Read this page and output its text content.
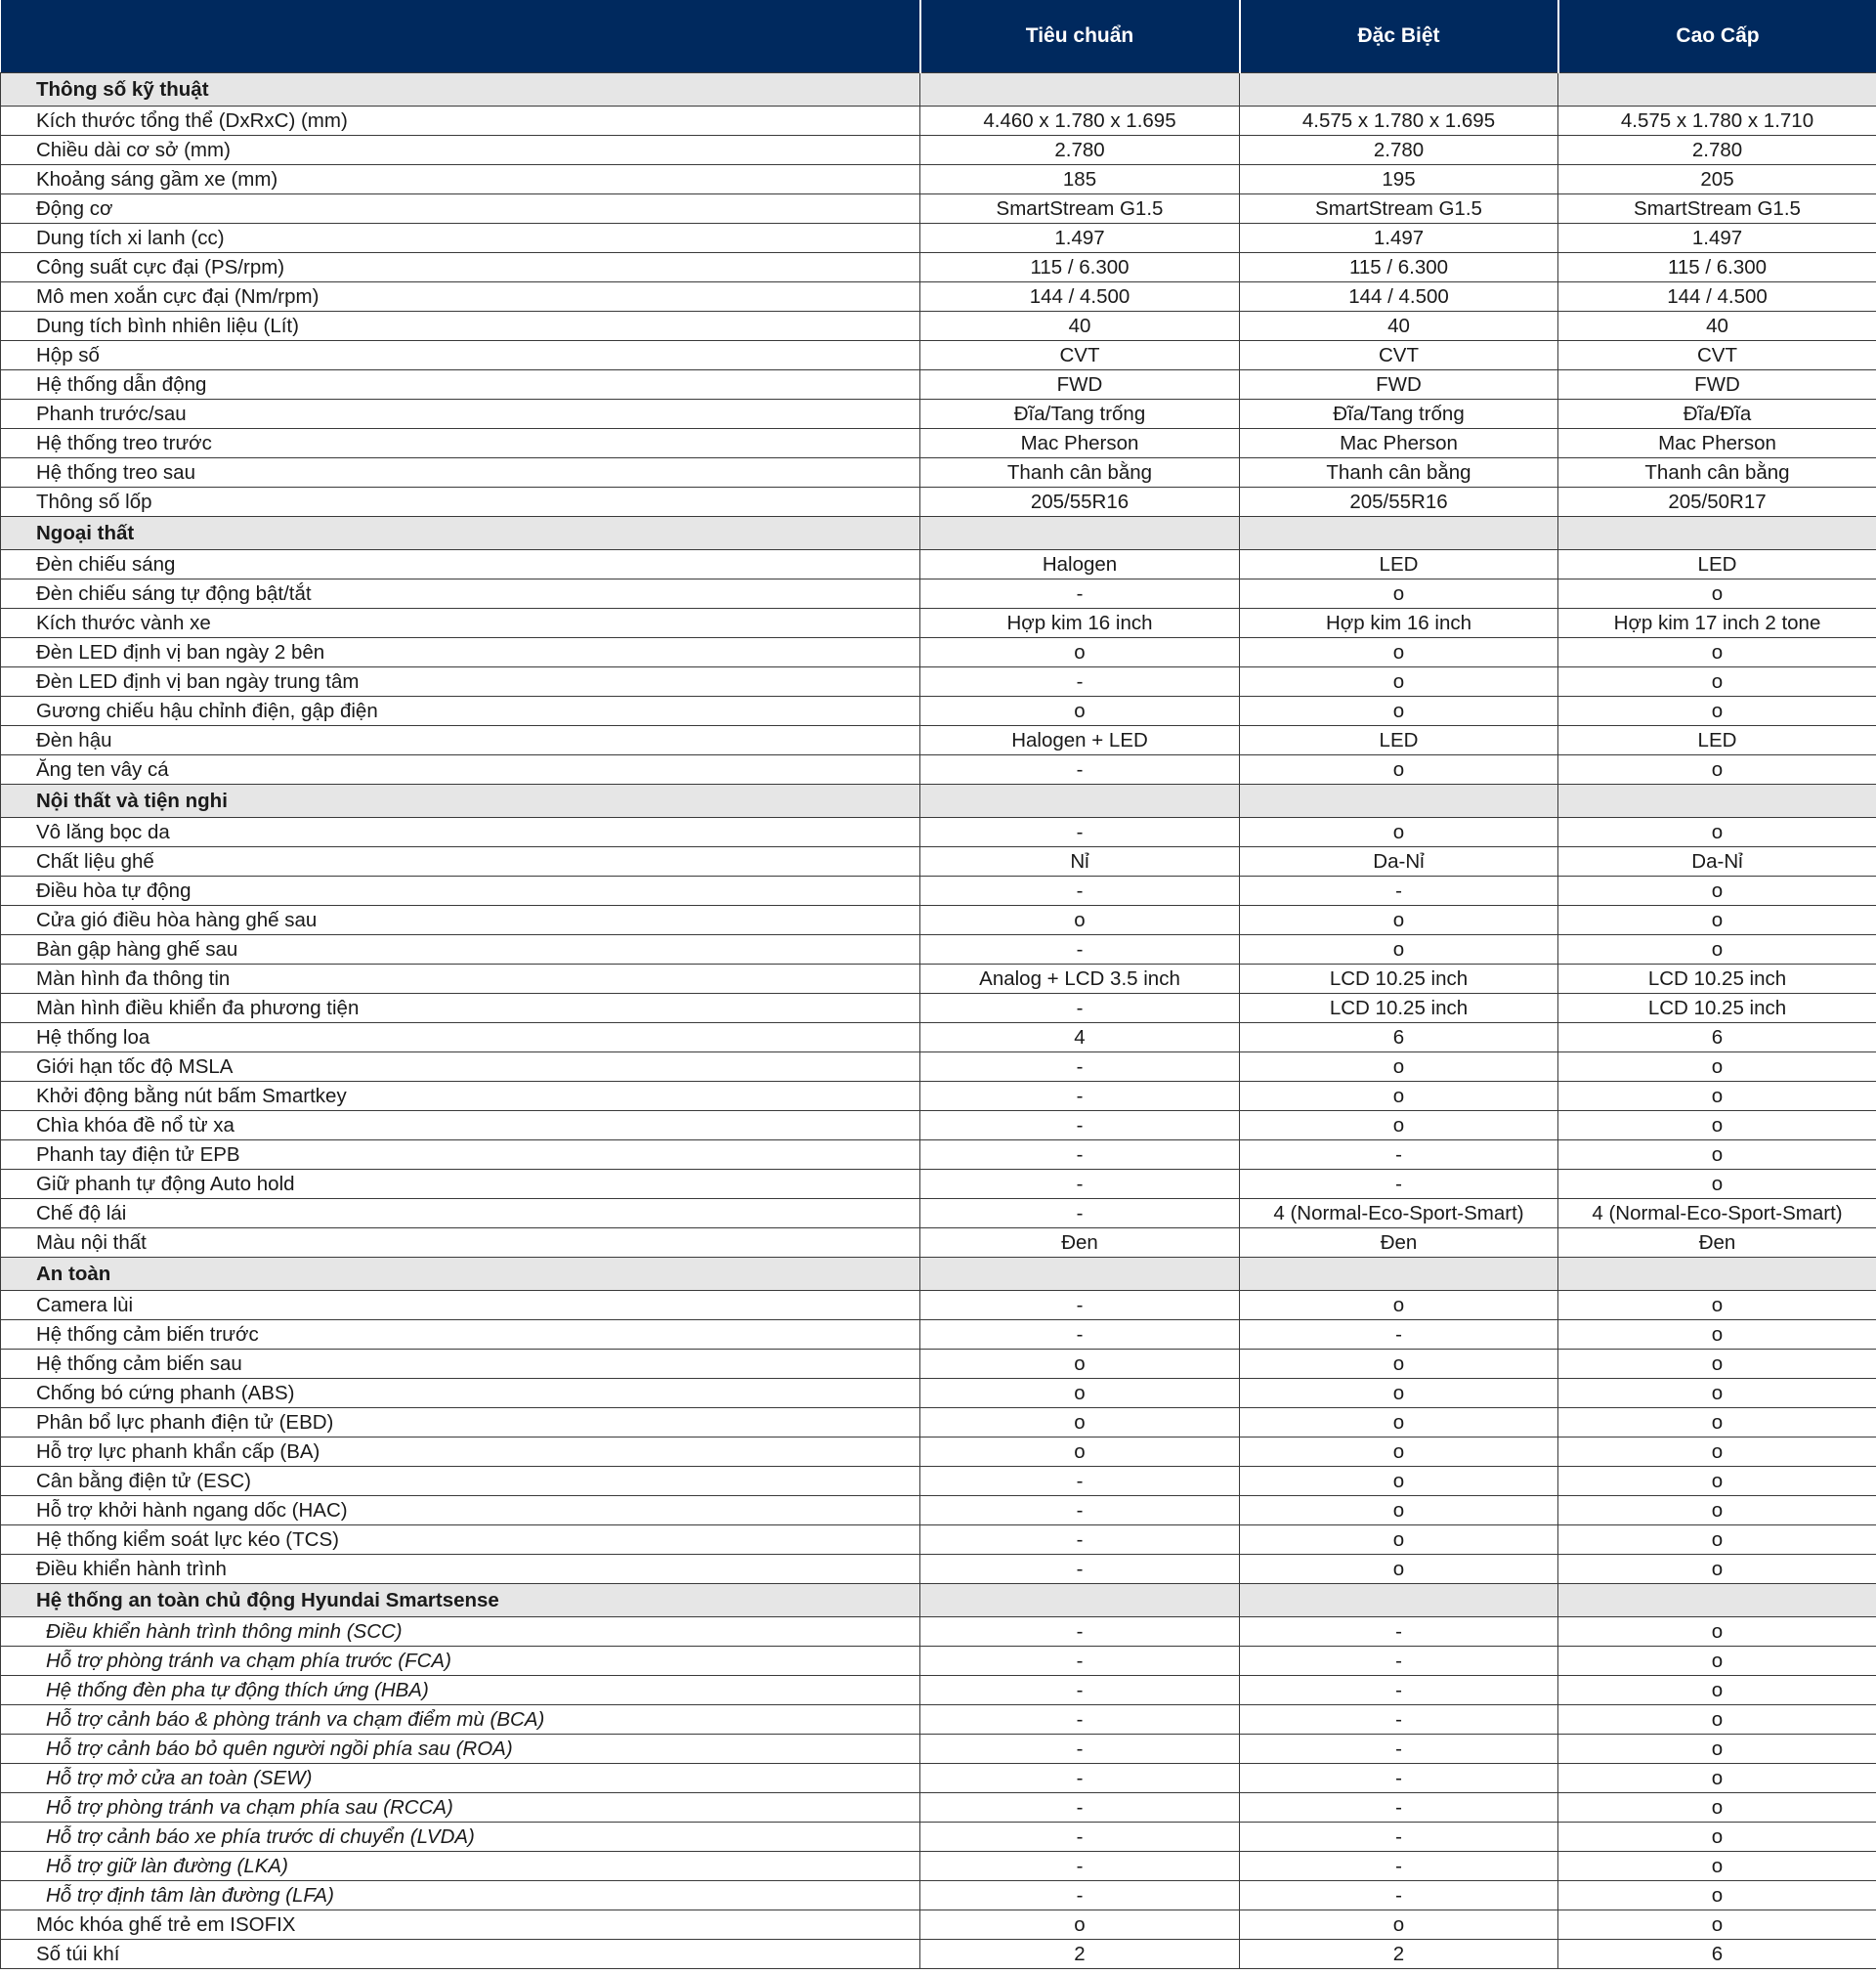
	Tiêu chuẩn	Đặc Biệt	Cao Cấp
Thông số kỹ thuật			
Kích thước tổng thể (DxRxC) (mm)	4.460 x 1.780 x 1.695	4.575 x 1.780 x 1.695	4.575 x 1.780 x 1.710
Chiều dài cơ sở (mm)	2.780	2.780	2.780
Khoảng sáng gầm xe (mm)	185	195	205
Động cơ	SmartStream G1.5	SmartStream G1.5	SmartStream G1.5
Dung tích xi lanh (cc)	1.497	1.497	1.497
Công suất cực đại (PS/rpm)	115 / 6.300	115 / 6.300	115 / 6.300
Mô men xoắn cực đại (Nm/rpm)	144 / 4.500	144 / 4.500	144 / 4.500
Dung tích bình nhiên liệu (Lít)	40	40	40
Hộp số	CVT	CVT	CVT
Hệ thống dẫn động	FWD	FWD	FWD
Phanh trước/sau	Đĩa/Tang trống	Đĩa/Tang trống	Đĩa/Đĩa
Hệ thống treo trước	Mac Pherson	Mac Pherson	Mac Pherson
Hệ thống treo sau	Thanh cân bằng	Thanh cân bằng	Thanh cân bằng
Thông số lốp	205/55R16	205/55R16	205/50R17
Ngoại thất			
Đèn chiếu sáng	Halogen	LED	LED
Đèn chiếu sáng tự động bật/tắt	-	o	o
Kích thước vành xe	Hợp kim 16 inch	Hợp kim 16 inch	Hợp kim 17 inch 2 tone
Đèn LED định vị ban ngày 2 bên	o	o	o
Đèn LED định vị ban ngày trung tâm	-	o	o
Gương chiếu hậu chỉnh điện, gập điện	o	o	o
Đèn hậu	Halogen + LED	LED	LED
Ăng ten vây cá	-	o	o
Nội thất và tiện nghi			
Vô lăng bọc da	-	o	o
Chất liệu ghế	Nỉ	Da-Nỉ	Da-Nỉ
Điều hòa tự động	-	-	o
Cửa gió điều hòa hàng ghế sau	o	o	o
Bàn gập hàng ghế sau	-	o	o
Màn hình đa thông tin	Analog + LCD 3.5 inch	LCD 10.25 inch	LCD 10.25 inch
Màn hình điều khiển đa phương tiện	-	LCD 10.25 inch	LCD 10.25 inch
Hệ thống loa	4	6	6
Giới hạn tốc độ MSLA	-	o	o
Khởi động bằng nút bấm Smartkey	-	o	o
Chìa khóa đề nổ từ xa	-	o	o
Phanh tay điện tử EPB	-	-	o
Giữ phanh tự động Auto hold	-	-	o
Chế độ lái	-	4 (Normal-Eco-Sport-Smart)	4 (Normal-Eco-Sport-Smart)
Màu nội thất	Đen	Đen	Đen
An toàn			
Camera lùi	-	o	o
Hệ thống cảm biến trước	-	-	o
Hệ thống cảm biến sau	o	o	o
Chống bó cứng phanh (ABS)	o	o	o
Phân bổ lực phanh điện tử (EBD)	o	o	o
Hỗ trợ lực phanh khẩn cấp (BA)	o	o	o
Cân bằng điện tử (ESC)	-	o	o
Hỗ trợ khởi hành ngang dốc (HAC)	-	o	o
Hệ thống kiểm soát lực kéo (TCS)	-	o	o
Điều khiển hành trình	-	o	o
Hệ thống an toàn chủ động Hyundai Smartsense			
Điều khiển hành trình thông minh (SCC)	-	-	o
Hỗ trợ phòng tránh va chạm phía trước (FCA)	-	-	o
Hệ thống đèn pha tự động thích ứng (HBA)	-	-	o
Hỗ trợ cảnh báo & phòng tránh va chạm điểm mù (BCA)	-	-	o
Hỗ trợ cảnh báo bỏ quên người ngồi phía sau (ROA)	-	-	o
Hỗ trợ mở cửa an toàn (SEW)	-	-	o
Hỗ trợ phòng tránh va chạm phía sau (RCCA)	-	-	o
Hỗ trợ cảnh báo xe phía trước di chuyển (LVDA)	-	-	o
Hỗ trợ giữ làn đường (LKA)	-	-	o
Hỗ trợ định tâm làn đường (LFA)	-	-	o
Móc khóa ghế trẻ em ISOFIX	o	o	o
Số túi khí	2	2	6
